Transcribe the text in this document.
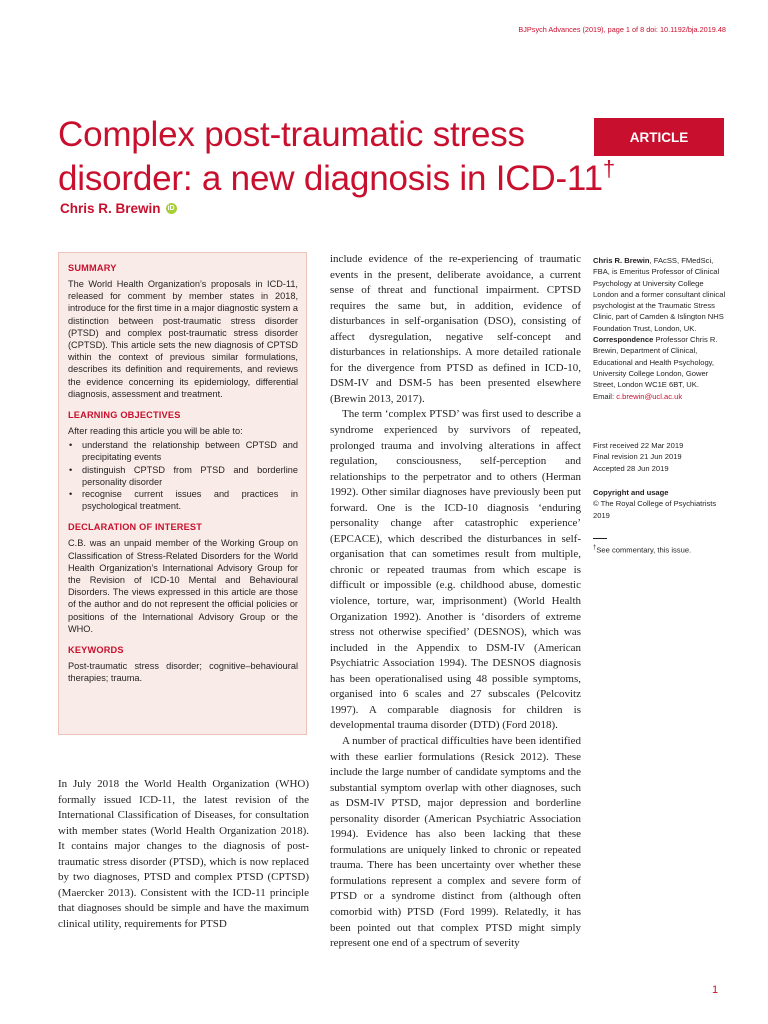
BJPsych Advances (2019), page 1 of 8 doi: 10.1192/bja.2019.48
Complex post-traumatic stress disorder: a new diagnosis in ICD-11†
Chris R. Brewin iD
ARTICLE
SUMMARY

The World Health Organization’s proposals in ICD-11, released for comment by member states in 2018, introduce for the first time in a major diagnostic system a distinction between post-traumatic stress disorder (PTSD) and complex post-traumatic stress disorder (CPTSD). This article sets the new diagnosis of CPTSD within the context of previous similar formulations, describes its definition and requirements, and reviews the evidence concerning its epidemiology, differential diagnosis, assessment and treatment.

LEARNING OBJECTIVES

After reading this article you will be able to:

• understand the relationship between CPTSD and precipitating events
• distinguish CPTSD from PTSD and borderline personality disorder
• recognise current issues and practices in psychological treatment.
DECLARATION OF INTEREST

C.B. was an unpaid member of the Working Group on Classification of Stress-Related Disorders for the World Health Organization’s International Advisory Group for the Revision of ICD-10 Mental and Behavioural Disorders. The views expressed in this article are those of the author and do not represent the official policies or positions of the International Advisory Group or the WHO.

KEYWORDS

Post-traumatic stress disorder; cognitive–behavioural therapies; trauma.

In July 2018 the World Health Organization (WHO) formally issued ICD-11, the latest revision of the International Classification of Diseases, for consultation with member states (World Health Organization 2018). It contains major changes to the diagnosis of post-traumatic stress disorder (PTSD), which is now replaced by two diagnoses, PTSD and complex PTSD (CPTSD) (Maercker 2013). Consistent with the ICD-11 principle that diagnoses should be simple and have the maximum clinical utility, requirements for PTSD

include evidence of the re-experiencing of traumatic events in the present, deliberate avoidance, a current sense of threat and functional impairment. CPTSD requires the same but, in addition, evidence of disturbances in self-organisation (DSO), consisting of affect dysregulation, negative self-concept and disturbances in relationships. A more detailed rationale for the divergence from PTSD as defined in ICD-10, DSM-IV and DSM-5 has been presented elsewhere (Brewin 2013, 2017).

The term ‘complex PTSD’ was first used to describe a syndrome experienced by survivors of repeated, prolonged trauma and involving alterations in affect regulation, consciousness, self-perception and relationships to the perpetrator and to others (Herman 1992). Other similar diagnoses have previously been put forward. One is the ICD-10 diagnosis ‘enduring personality change after catastrophic experience’ (EPCACE), which described the disturbances in self-organisation that can sometimes result from multiple, chronic or repeated traumas from which escape is difficult or impossible (e.g. childhood abuse, domestic violence, torture, war, imprisonment) (World Health Organization 1992). Another is ‘disorders of extreme stress not otherwise specified’ (DESNOS), which was included in the Appendix to DSM-IV (American Psychiatric Association 1994). The DESNOS diagnosis has been operationalised using 48 possible symptoms, organised into 6 scales and 27 subscales (Pelcovitz 1997). A comparable diagnosis for children is developmental trauma disorder (DTD) (Ford 2018).

A number of practical difficulties have been identified with these earlier formulations (Resick 2012). These include the large number of candidate symptoms and the substantial symptom overlap with other diagnoses, such as DSM-IV PTSD, major depression and borderline personality disorder (American Psychiatric Association 1994). Evidence has also been lacking that these formulations are uniquely linked to chronic or repeated trauma. There has been uncertainty over whether these formulations represent a complex and severe form of PTSD or a syndrome distinct from (although often comorbid with) PTSD (Ford 1999). Relatedly, it has been pointed out that complex PTSD might simply represent one end of a spectrum of severity

Chris R. Brewin, FAcSS, FMedSci, FBA, is Emeritus Professor of Clinical Psychology at University College London and a former consultant clinical psychologist at the Traumatic Stress Clinic, part of Camden & Islington NHS Foundation Trust, London, UK.
Correspondence Professor Chris R. Brewin, Department of Clinical, Educational and Health Psychology, University College London, Gower Street, London WC1E 6BT, UK.
Email: c.brewin@ucl.ac.uk
First received 22 Mar 2019
Final revision 21 Jun 2019
Accepted 28 Jun 2019
Copyright and usage
© The Royal College of Psychiatrists 2019
†See commentary, this issue.
1
